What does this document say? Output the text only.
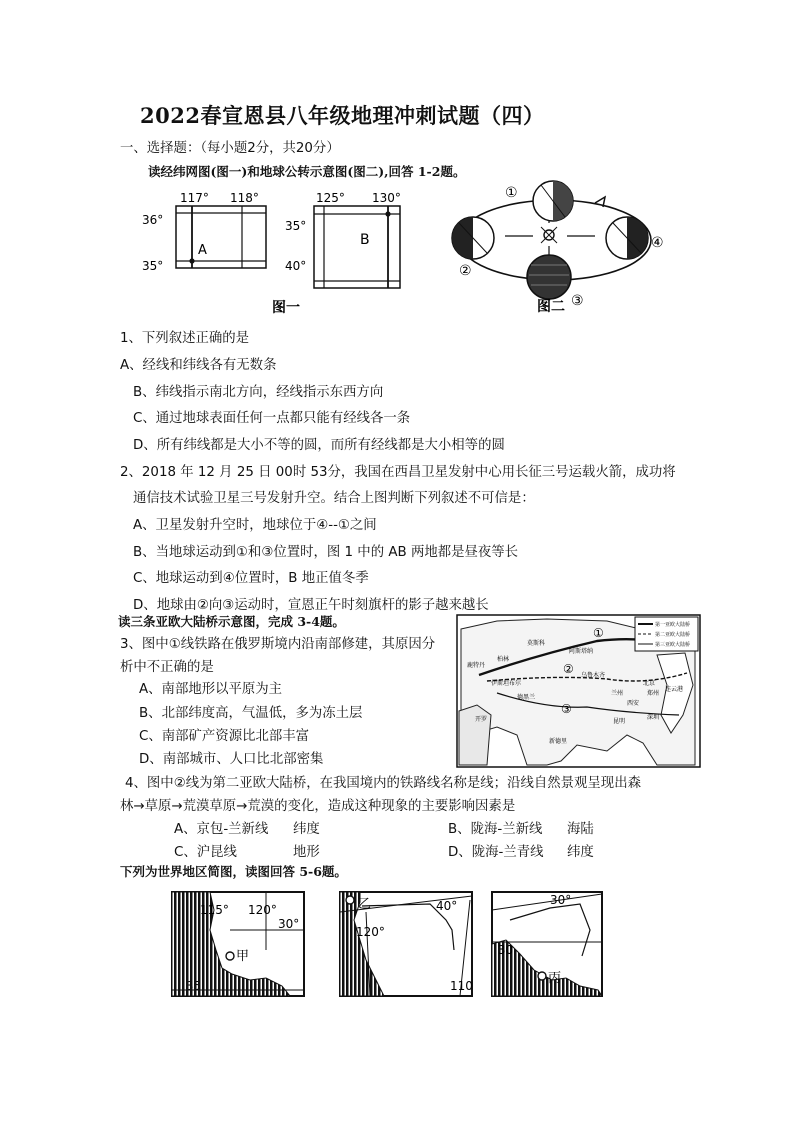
2022春宣恩县八年级地理冲刺试题（四）
一、选择题：（每小题2分，共20分）
读经纬网图(图一)和地球公转示意图(图二),回答 1-2题。
117° 118°
36°
35°
A
125° 130°
35°
40°
B
图一
①
②
③
④
图二
1、下列叙述正确的是
A、经线和纬线各有无数条
B、纬线指示南北方向，经线指示东西方向
C、通过地球表面任何一点都只能有经线各一条
D、所有纬线都是大小不等的圆，而所有经线都是大小相等的圆
2、2018 年 12 月 25 日 00时 53分，我国在西昌卫星发射中心用长征三号运载火箭，成功将
通信技术试验卫星三号发射升空。结合上图判断下列叙述不可信是：
A、卫星发射升空时，地球位于④--①之间
B、当地球运动到①和③位置时，图 1 中的 AB 两地都是昼夜等长
C、地球运动到④位置时，B 地正值冬季
D、地球由②向③运动时，宣恩正午时刻旗杆的影子越来越长
读三条亚欧大陆桥示意图，完成 3-4题。	第一亚欧大陆桥
第二亚欧大陆桥
第三亚欧大陆桥
①
②
③
莫斯科
阿斯塔纳
柏林
鹿特丹
开罗
德黑兰
新德里
乌鲁木齐
兰州
西安
北京
郑州
连云港
深圳
昆明
伊斯坦布尔
3、图中①线铁路在俄罗斯境内沿南部修建，其原因分
析中不正确的是
A、南部地形以平原为主
B、北部纬度高，气温低，多为冻土层
C、南部矿产资源比北部丰富
D、南部城市、人口比北部密集
4、图中②线为第二亚欧大陆桥，在我国境内的铁路线名称是线；沿线自然景观呈现出森
林→草原→荒漠草原→荒漠的变化，造成这种现象的主要影响因素是
A、京包-兰新线 纬度	B、陇海-兰新线 海陆
C、沪昆线	地形	D、陇海-兰青线 纬度
下列为世界地区简图，读图回答 5-6题。
115° 120°
30°
35
甲
乙	40°
120°
110
30°
30
丙
